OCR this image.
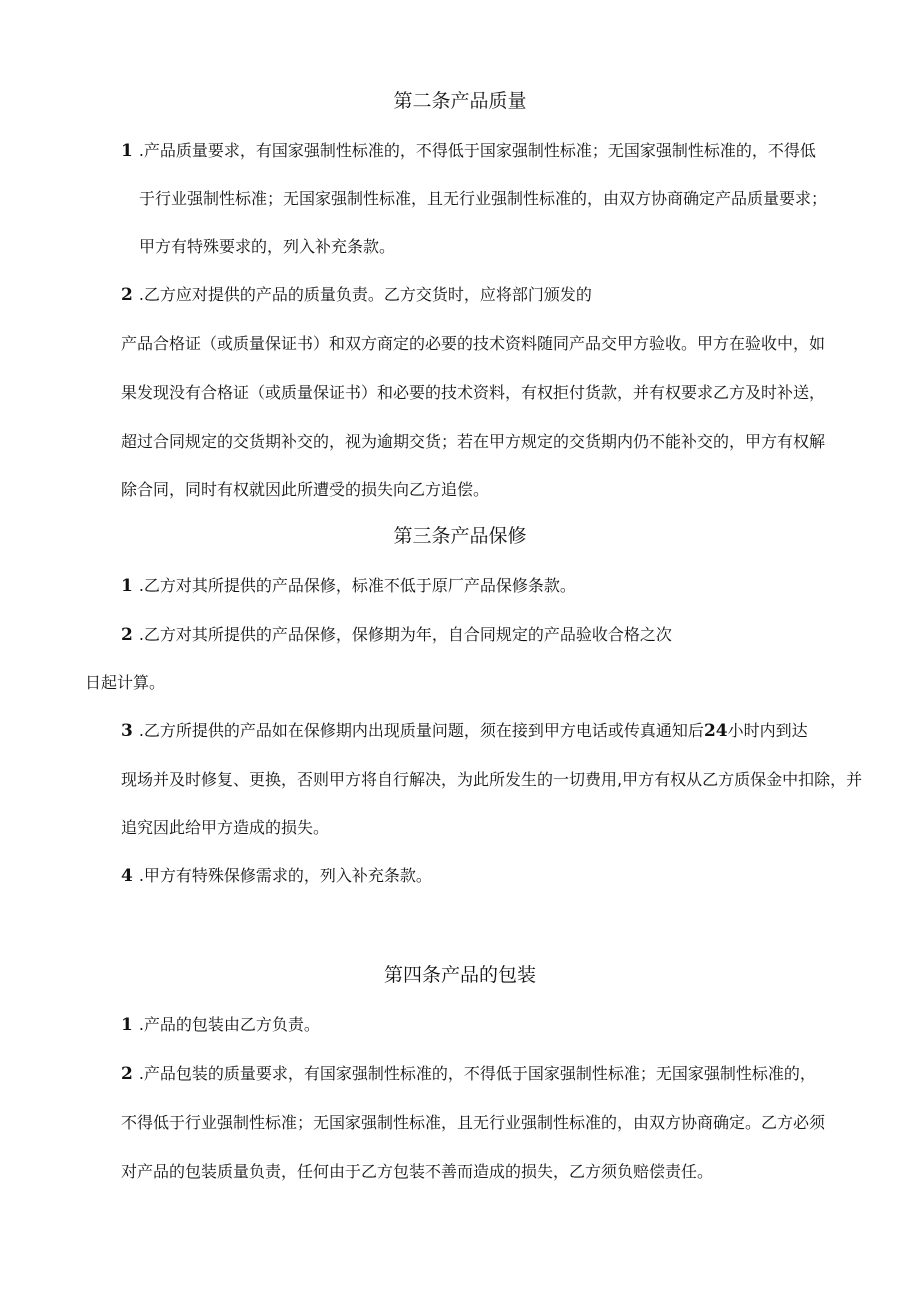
第二条产品质量
1 .产品质量要求，有国家强制性标准的，不得低于国家强制性标准；无国家强制性标准的，不得低
于行业强制性标准；无国家强制性标准，且无行业强制性标准的，由双方协商确定产品质量要求；
甲方有特殊要求的，列入补充条款。
2 .乙方应对提供的产品的质量负责。乙方交货时，应将部门颁发的
产品合格证（或质量保证书）和双方商定的必要的技术资料随同产品交甲方验收。甲方在验收中，如
果发现没有合格证（或质量保证书）和必要的技术资料，有权拒付货款，并有权要求乙方及时补送，
超过合同规定的交货期补交的，视为逾期交货；若在甲方规定的交货期内仍不能补交的，甲方有权解
除合同，同时有权就因此所遭受的损失向乙方追偿。
第三条产品保修
1 .乙方对其所提供的产品保修，标准不低于原厂产品保修条款。
2 .乙方对其所提供的产品保修，保修期为年，自合同规定的产品验收合格之次
日起计算。
3 .乙方所提供的产品如在保修期内出现质量问题，须在接到甲方电话或传真通知后24小时内到达
现场并及时修复、更换，否则甲方将自行解决，为此所发生的一切费用,甲方有权从乙方质保金中扣除，并
追究因此给甲方造成的损失。
4 .甲方有特殊保修需求的，列入补充条款。
第四条产品的包装
1 .产品的包装由乙方负责。
2 .产品包装的质量要求，有国家强制性标准的，不得低于国家强制性标准；无国家强制性标准的，
不得低于行业强制性标准；无国家强制性标准，且无行业强制性标准的，由双方协商确定。乙方必须
对产品的包装质量负责，任何由于乙方包装不善而造成的损失，乙方须负赔偿责任。
